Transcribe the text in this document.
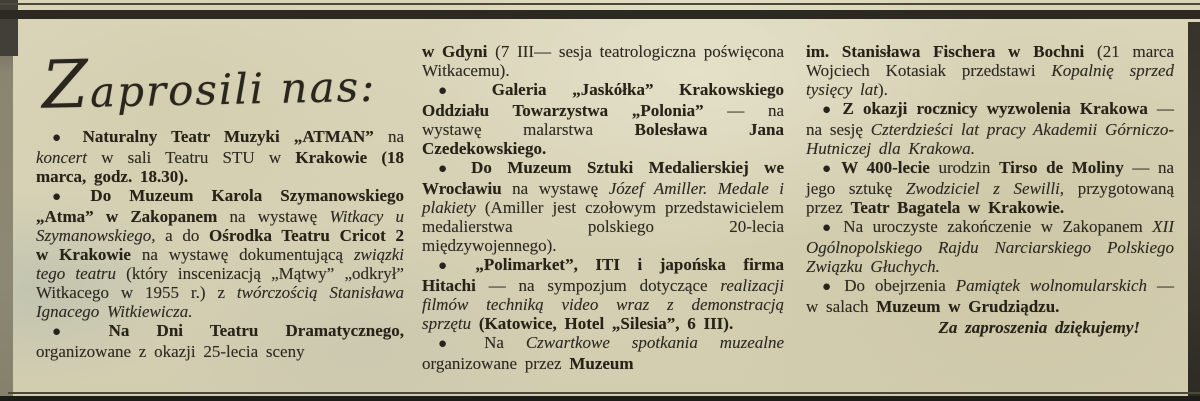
Zaprosili nas:

● Naturalny Teatr Muzyki „ATMAN” na koncert w sali Teatru STU w Krakowie (18 marca, godz. 18.30).

● Do Muzeum Karola Szymanowskiego „Atma” w Zakopanem na wystawę Witkacy u Szymanowskiego, a do Ośrodka Teatru Cricot 2 w Krakowie na wystawę dokumentującą związki tego teatru (który inscenizacją „Mątwy” „odkrył” Witkacego w 1955 r.) z twórczością Stanisława Ignacego Witkiewicza.

● Na Dni Teatru Dramatycznego, organizowane z okazji 25-lecia sceny

w Gdyni (7 III— sesja teatrologiczna poświęcona Witkacemu).

● Galeria „Jaskółka” Krakowskiego Oddziału Towarzystwa „Polonia” — na wystawę malarstwa Bolesława Jana Czedekowskiego.

● Do Muzeum Sztuki Medalierskiej we Wrocławiu na wystawę Józef Amiller. Medale i plakiety (Amiller jest czołowym przedstawicielem medalierstwa polskiego 20-lecia międzywojennego).

● „Polimarket”, ITI i japońska firma Hitachi — na sympozjum dotyczące realizacji filmów techniką video wraz z demonstracją sprzętu (Katowice, Hotel „Silesia”, 6 III).

● Na Czwartkowe spotkania muzealne organizowane przez Muzeum

im. Stanisława Fischera w Bochni (21 marca Wojciech Kotasiak przedstawi Kopalnię sprzed tysięcy lat).

● Z okazji rocznicy wyzwolenia Krakowa — na sesję Czterdzieści lat pracy Akademii Górniczo-Hutniczej dla Krakowa.

● W 400-lecie urodzin Tirso de Moliny — na jego sztukę Zwodziciel z Sewilli, przygotowaną przez Teatr Bagatela w Krakowie.

● Na uroczyste zakończenie w Zakopanem XII Ogólnopolskiego Rajdu Narciarskiego Polskiego Związku Głuchych.

● Do obejrzenia Pamiątek wolnomularskich — w salach Muzeum w Grudziądzu.

Za zaproszenia dziękujemy!
